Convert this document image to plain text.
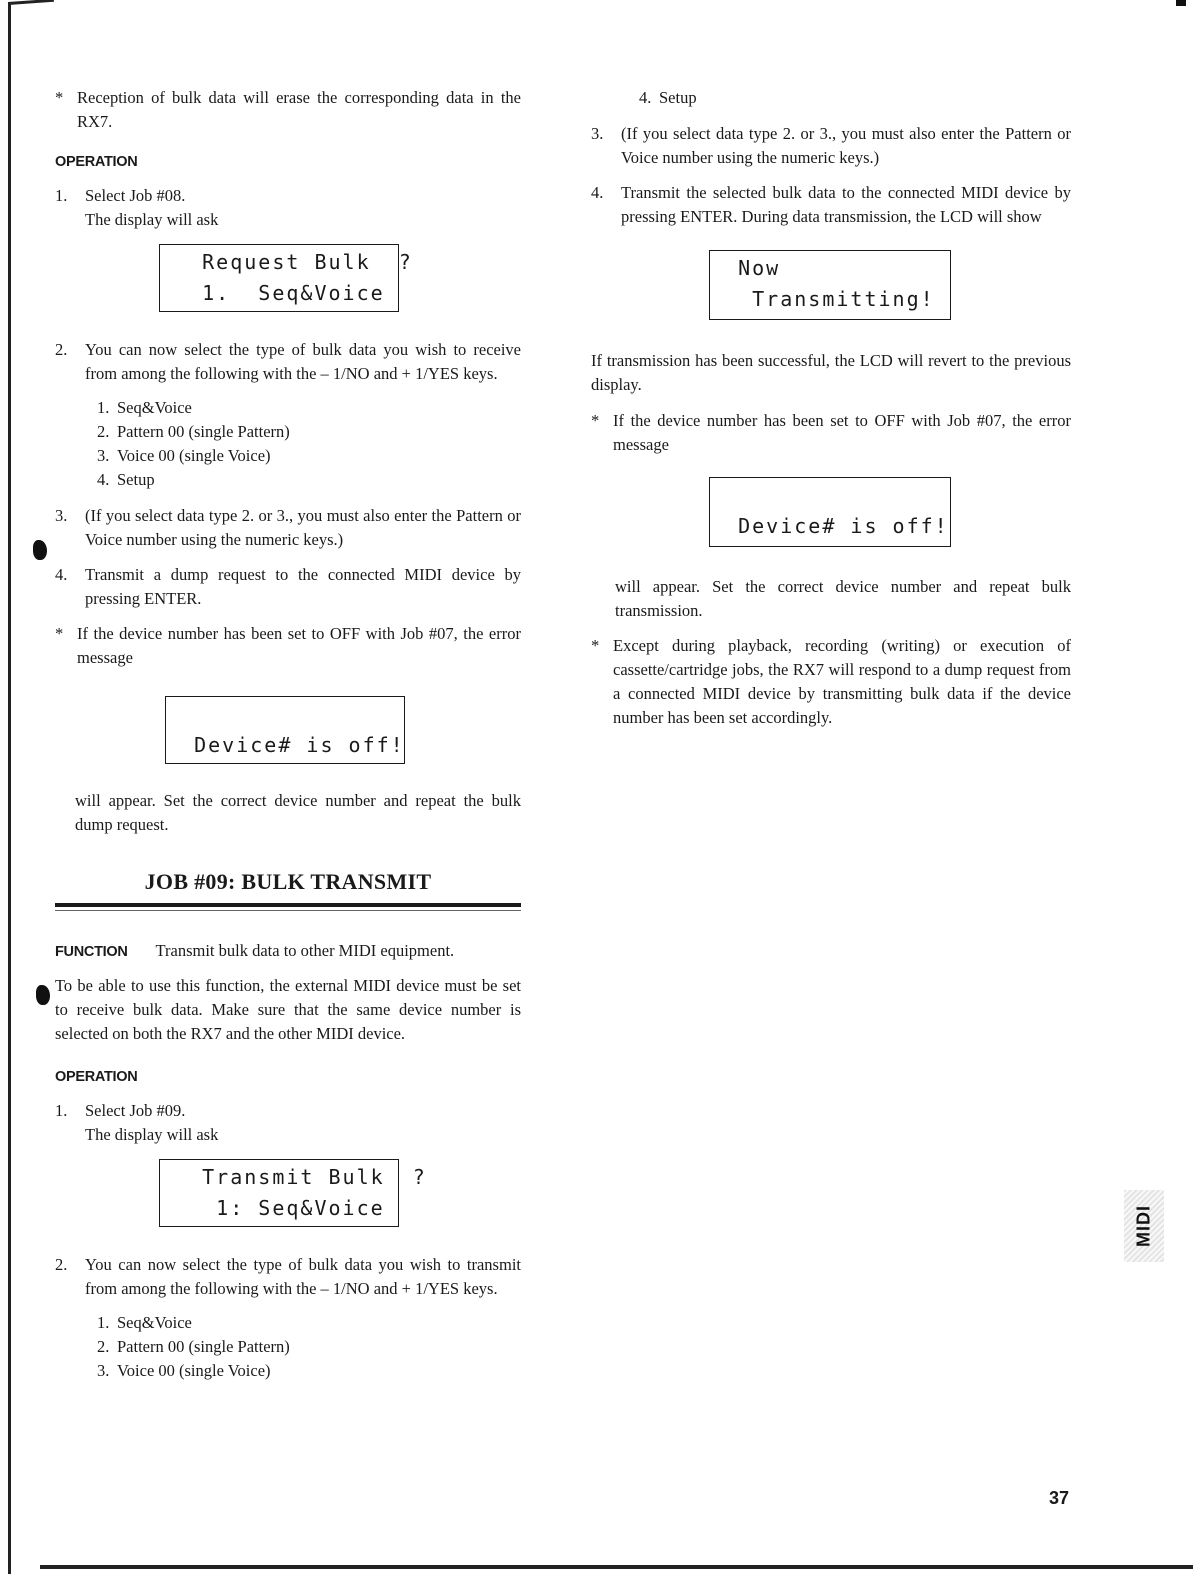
* Reception of bulk data will erase the corresponding data in the RX7.

OPERATION

1. Select Job #08.
The display will ask
Request Bulk  ?
1.  Seq&Voice
2. You can now select the type of bulk data you wish to receive from among the following with the – 1/NO and + 1/YES keys.
1. Seq&Voice
2. Pattern 00 (single Pattern)
3. Voice 00 (single Voice)
4. Setup
3. (If you select data type 2. or 3., you must also enter the Pattern or Voice number using the numeric keys.)
4. Transmit a dump request to the connected MIDI device by pressing ENTER.

* If the device number has been set to OFF with Job #07, the error message

Device# is off!

will appear. Set the correct device number and repeat the bulk dump request.

JOB #09: BULK TRANSMIT
FUNCTION Transmit bulk data to other MIDI equipment.

To be able to use this function, the external MIDI device must be set to receive bulk data. Make sure that the same device number is selected on both the RX7 and the other MIDI device.

OPERATION

1. Select Job #09.
The display will ask
Transmit Bulk  ?
1: Seq&Voice
2. You can now select the type of bulk data you wish to transmit from among the following with the – 1/NO and + 1/YES keys.
1. Seq&Voice
2. Pattern 00 (single Pattern)
3. Voice 00 (single Voice)
4. Setup
3. (If you select data type 2. or 3., you must also enter the Pattern or Voice number using the numeric keys.)
4. Transmit the selected bulk data to the connected MIDI device by pressing ENTER. During data transmission, the LCD will show
Now
Transmitting!

If transmission has been successful, the LCD will revert to the previous display.

* If the device number has been set to OFF with Job #07, the error message

Device# is off!

will appear. Set the correct device number and repeat bulk transmission.

* Except during playback, recording (writing) or execution of cassette/cartridge jobs, the RX7 will respond to a dump request from a connected MIDI device by transmitting bulk data if the device number has been set accordingly.

MIDI
37
